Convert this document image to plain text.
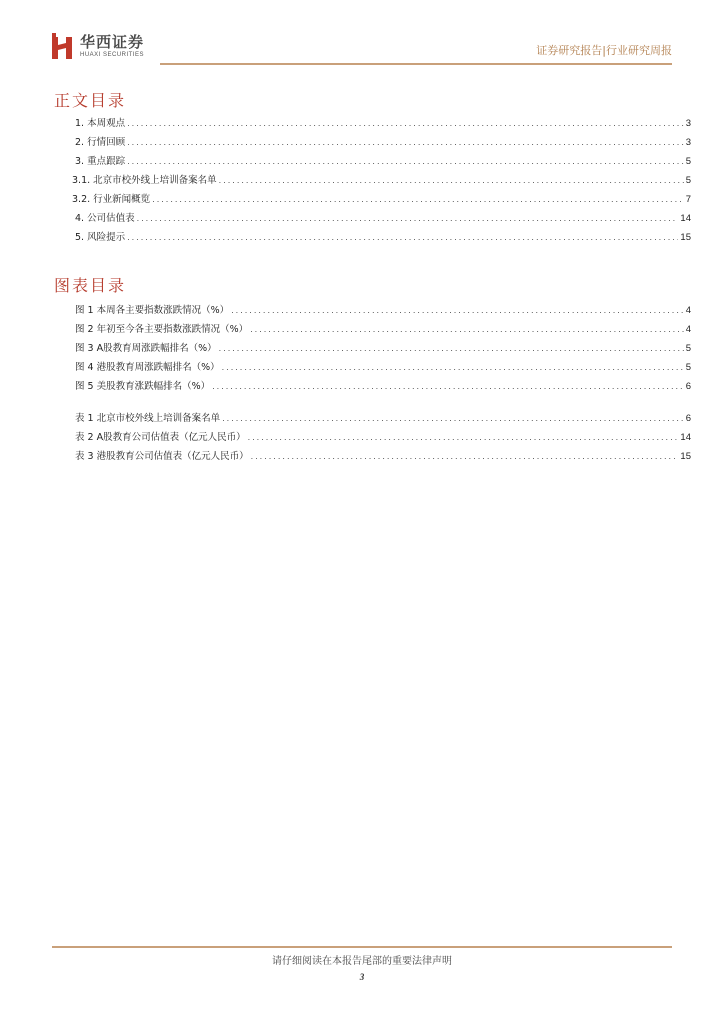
华西证券
HUAXI SECURITIES	证券研究报告|行业研究周报
正文目录
1. 本周观点 .....	3
2. 行情回顾 .....	3
3. 重点跟踪 .....	5
3.1. 北京市校外线上培训备案名单 .....	5
3.2. 行业新闻概览 .....	7
4. 公司估值表 .....	14
5. 风险提示 .....	15
图表目录
图 1 本周各主要指数涨跌情况（%） .....	4
图 2 年初至今各主要指数涨跌情况（%） .....	4
图 3 A股教育周涨跌幅排名（%） .....	5
图 4 港股教育周涨跌幅排名（%） .....	5
图 5 美股教育涨跌幅排名（%） .....	6
表 1 北京市校外线上培训备案名单 .....	6
表 2 A股教育公司估值表（亿元人民币） .....	14
表 3 港股教育公司估值表（亿元人民币） .....	15
请仔细阅读在本报告尾部的重要法律声明
3
